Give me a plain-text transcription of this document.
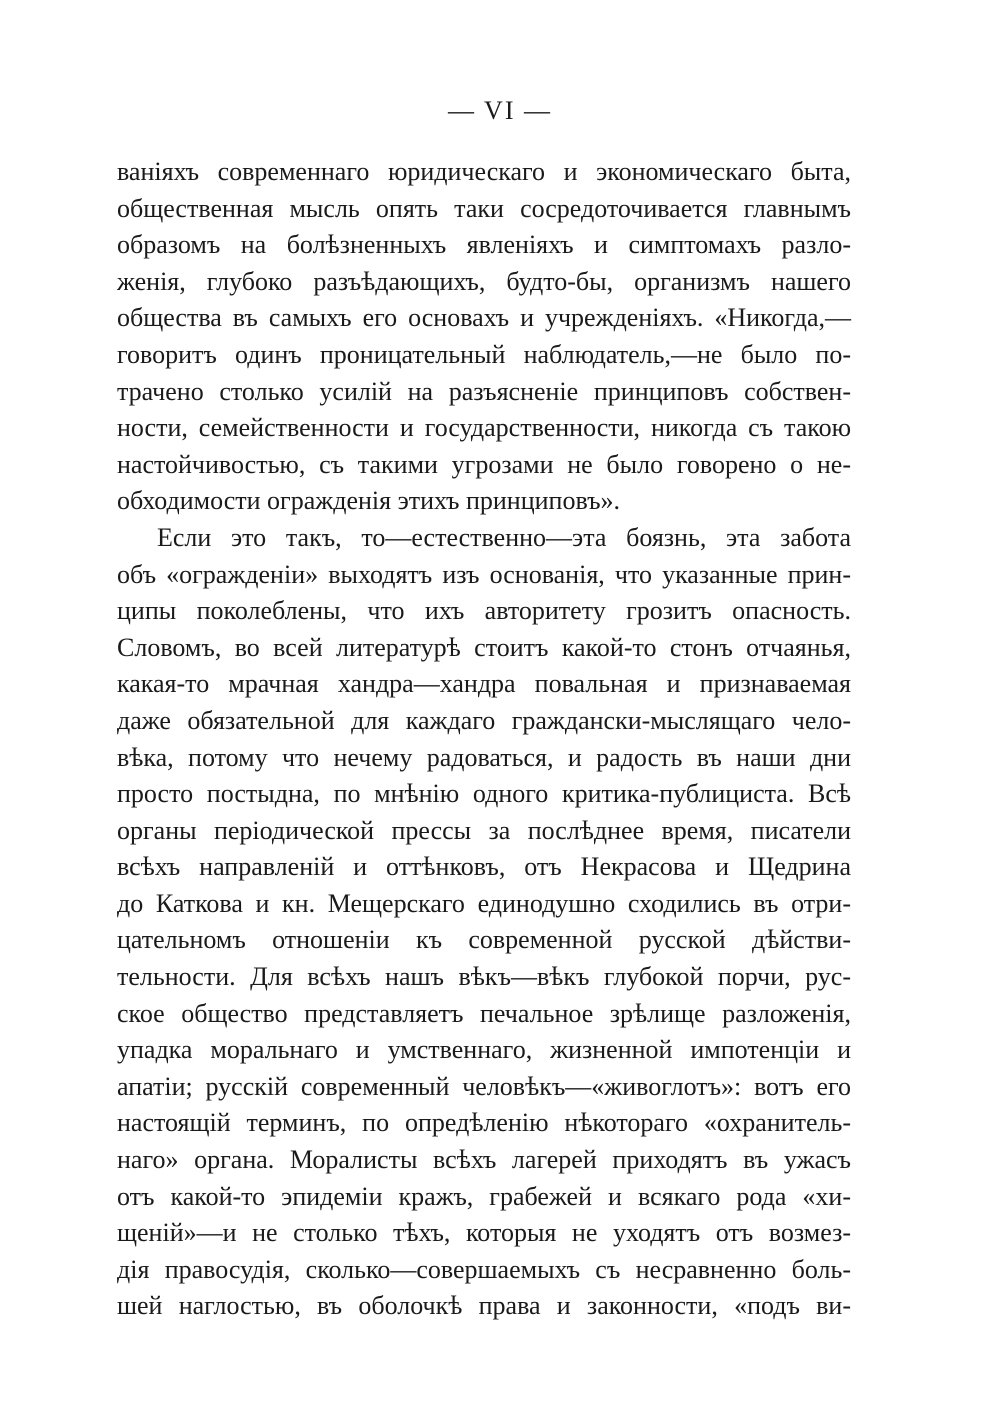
— VI —
ваніяхъ современнаго юридическаго и экономическаго быта,
общественная мысль опять таки сосредоточивается главнымъ
образомъ на болѣзненныхъ явленіяхъ и симптомахъ разло-
женія, глубоко разъѣдающихъ, будто-бы, организмъ нашего
общества въ самыхъ его основахъ и учрежденіяхъ. «Никогда,—
говоритъ одинъ проницательный наблюдатель,—не было по-
трачено столько усилій на разъясненіе принциповъ собствен-
ности, семейственности и государственности, никогда съ такою
настойчивостью, съ такими угрозами не было говорено о не-
обходимости огражденія этихъ принциповъ».
Если это такъ, то—естественно—эта боязнь, эта забота
объ «огражденіи» выходятъ изъ основанія, что указанные прин-
ципы поколеблены, что ихъ авторитету грозитъ опасность.
Словомъ, во всей литературѣ стоитъ какой-то стонъ отчаянья,
какая-то мрачная хандра—хандра повальная и признаваемая
даже обязательной для каждаго граждански-мыслящаго чело-
вѣка, потому что нечему радоваться, и радость въ наши дни
просто постыдна, по мнѣнію одного критика-публициста. Всѣ
органы періодической прессы за послѣднее время, писатели
всѣхъ направленій и оттѣнковъ, отъ Некрасова и Щедрина
до Каткова и кн. Мещерскаго единодушно сходились въ отри-
цательномъ отношеніи къ современной русской дѣйстви-
тельности. Для всѣхъ нашъ вѣкъ—вѣкъ глубокой порчи, рус-
ское общество представляетъ печальное зрѣлище разложенія,
упадка моральнаго и умственнаго, жизненной импотенціи и
апатіи; русскій современный человѣкъ—«живоглотъ»: вотъ его
настоящій терминъ, по опредѣленію нѣкотораго «охранитель-
наго» органа. Моралисты всѣхъ лагерей приходятъ въ ужасъ
отъ какой-то эпидеміи кражъ, грабежей и всякаго рода «хи-
щеній»—и не столько тѣхъ, которыя не уходятъ отъ возмез-
дія правосудія, сколько—совершаемыхъ съ несравненно боль-
шей наглостью, въ оболочкѣ права и законности, «подъ ви-
